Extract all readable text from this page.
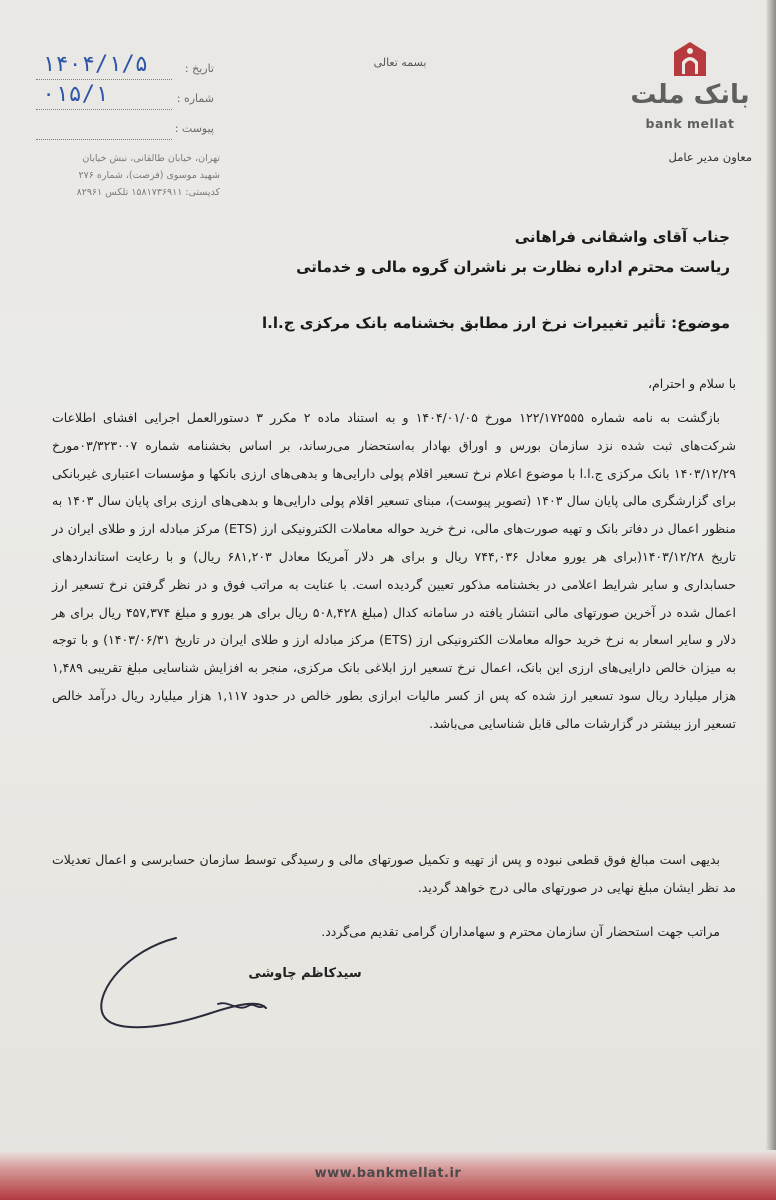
بسمه تعالی
۱۴۰۴/۱/۵	تاریخ :
۰۱۵/۱	شماره :
پیوست :
تهران، خیابان طالقانی، نبش خیابان
شهید موسوی (فرصت)، شماره ۲۷۶
کدپستی: ۱۵۸۱۷۳۶۹۱۱ تلکس ۸۲۹۶۱
بانک ملت
bank mellat
معاون مدیر عامل
جناب آقای واشقانی فراهانی
ریاست محترم اداره نظارت بر ناشران گروه مالی و خدماتی
موضوع: تأثیر تغییرات نرخ ارز مطابق بخشنامه بانک مرکزی ج.ا.ا
با سلام و احترام،
بازگشت به نامه شماره ۱۲۲/۱۷۲۵۵۵ مورخ ۱۴۰۴/۰۱/۰۵ و به استناد ماده ۲ مکرر ۳ دستورالعمل اجرایی افشای اطلاعات شرکت‌های ثبت شده نزد سازمان بورس و اوراق بهادار بەاستحضار می‌رساند، بر اساس بخشنامه شماره ۰۳/۳۲۳۰۰۷مورخ ۱۴۰۳/۱۲/۲۹ بانک مرکزی ج.ا.ا با موضوع اعلام نرخ تسعیر اقلام پولی دارایی‌ها و بدهی‌های ارزی بانکها و مؤسسات اعتباری غیربانکی برای گزارشگری مالی پایان سال ۱۴۰۳ (تصویر پیوست)، مبنای تسعیر اقلام پولی دارایی‌ها و بدهی‌های ارزی برای پایان سال ۱۴۰۳ به منظور اعمال در دفاتر بانک و تهیه صورت‌های مالی، نرخ خرید حواله معاملات الکترونیکی ارز (ETS) مرکز مبادله ارز و طلای ایران در تاریخ ۱۴۰۳/۱۲/۲۸(برای هر یورو معادل ۷۴۴,۰۳۶ ریال و برای هر دلار آمریکا معادل ۶۸۱,۲۰۳ ریال) و با رعایت استانداردهای حسابداری و سایر شرایط اعلامی در بخشنامه مذکور تعیین گردیده است. با عنایت به مراتب فوق و در نظر گرفتن نرخ تسعیر ارز اعمال شده در آخرین صورتهای مالی انتشار یافته در سامانه کدال (مبلغ ۵۰۸,۴۲۸ ریال برای هر یورو و مبلغ ۴۵۷,۳۷۴ ریال برای هر دلار و سایر اسعار به نرخ خرید حواله معاملات الکترونیکی ارز (ETS) مرکز مبادله ارز و طلای ایران در تاریخ ۱۴۰۳/۰۶/۳۱) و با توجه به میزان خالص دارایی‌های ارزی این بانک، اعمال نرخ تسعیر ارز ابلاغی بانک مرکزی، منجر به افزایش شناسایی مبلغ تقریبی ۱,۴۸۹ هزار میلیارد ریال سود تسعیر ارز شده که پس از کسر مالیات ابرازی بطور خالص در حدود ۱,۱۱۷ هزار میلیارد ریال درآمد خالص تسعیر ارز بیشتر در گزارشات مالی قابل شناسایی می‌باشد.
بدیهی است مبالغ فوق قطعی نبوده و پس از تهیه و تکمیل صورتهای مالی و رسیدگی توسط سازمان حسابرسی و اعمال تعدیلات مد نظر ایشان مبلغ نهایی در صورتهای مالی درج خواهد گردید.
مراتب جهت استحضار آن سازمان محترم و سهامداران گرامی تقدیم می‌گردد.
سیدکاظم چاوشی
www.bankmellat.ir
